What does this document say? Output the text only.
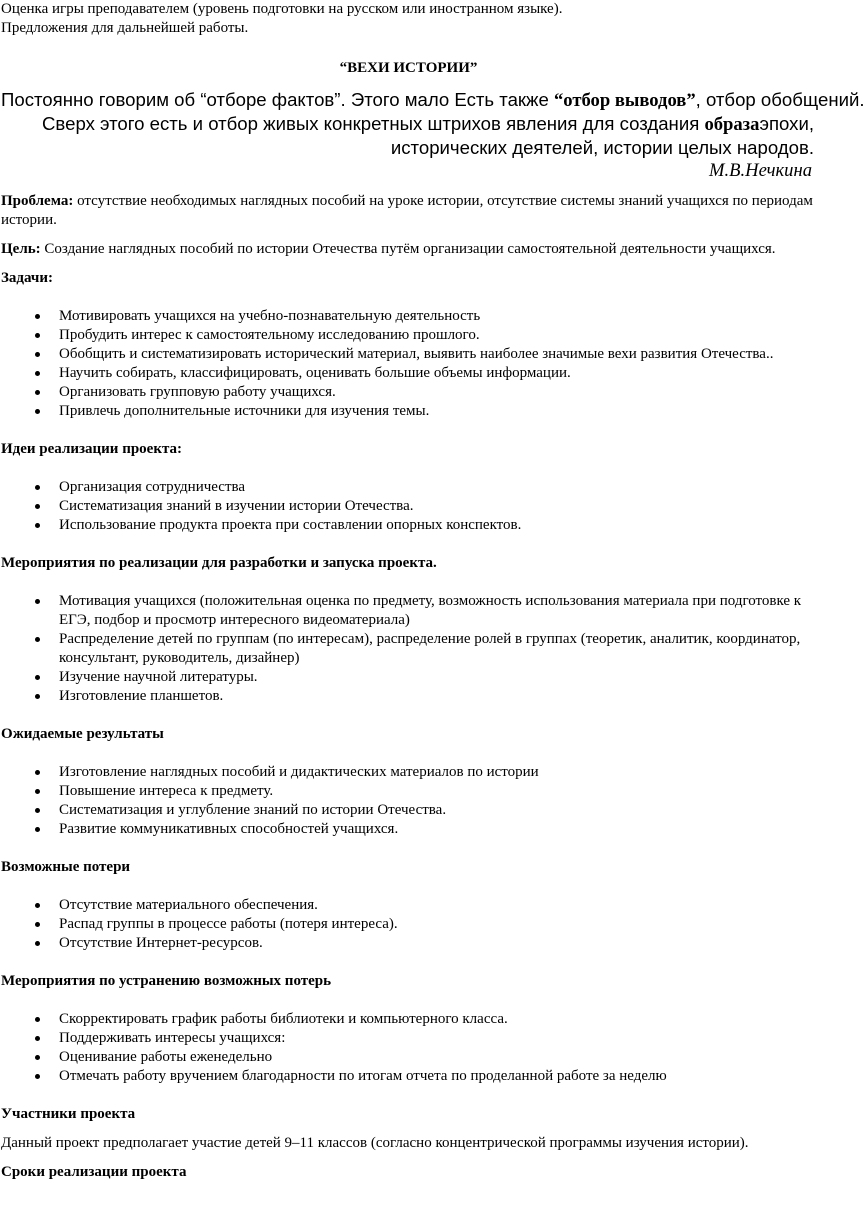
Оценка игры преподавателем (уровень подготовки на русском или иностранном языке).

Предложения для дальнейшей работы.

“ВЕХИ ИСТОРИИ”
Постоянно говорим об “отборе фактов”. Этого мало Есть также “отбор выводов”, отбор обобщений.
Сверх этого есть и отбор живых конкретных штрихов явления для создания образаэпохи,
исторических деятелей, истории целых народов.
М.В.Нечкина

Проблема: отсутствие необходимых наглядных пособий на уроке истории, отсутствие системы знаний учащихся по периодам истории.

Цель: Создание наглядных пособий по истории Отечества путём организации самостоятельной деятельности учащихся.

Задачи:

Мотивировать учащихся на учебно-познавательную деятельность
Пробудить интерес к самостоятельному исследованию прошлого.
Обобщить и систематизировать исторический материал, выявить наиболее значимые вехи развития Отечества..
Научить собирать, классифицировать, оценивать большие объемы информации.
Организовать групповую работу учащихся.
Привлечь дополнительные источники для изучения темы.

Идеи реализации проекта:

Организация сотрудничества
Систематизация знаний в изучении истории Отечества.
Использование продукта проекта при составлении опорных конспектов.

Мероприятия по реализации для разработки и запуска проекта.

Мотивация учащихся (положительная оценка по предмету, возможность использования материала при подготовке к ЕГЭ, подбор и просмотр интересного видеоматериала)
Распределение детей по группам (по интересам), распределение ролей в группах (теоретик, аналитик, координатор, консультант, руководитель, дизайнер)
Изучение научной литературы.
Изготовление планшетов.

Ожидаемые результаты

Изготовление наглядных пособий и дидактических материалов по истории
Повышение интереса к предмету.
Систематизация и углубление знаний по истории Отечества.
Развитие коммуникативных способностей учащихся.

Возможные потери

Отсутствие материального обеспечения.
Распад группы в процессе работы (потеря интереса).
Отсутствие Интернет-ресурсов.

Мероприятия по устранению возможных потерь

Скорректировать график работы библиотеки и компьютерного класса.
Поддерживать интересы учащихся:
Оценивание работы еженедельно
Отмечать работу вручением благодарности по итогам отчета по проделанной работе за неделю

Участники проекта

Данный проект предполагает участие детей 9–11 классов (согласно концентрической программы изучения истории).

Сроки реализации проекта
